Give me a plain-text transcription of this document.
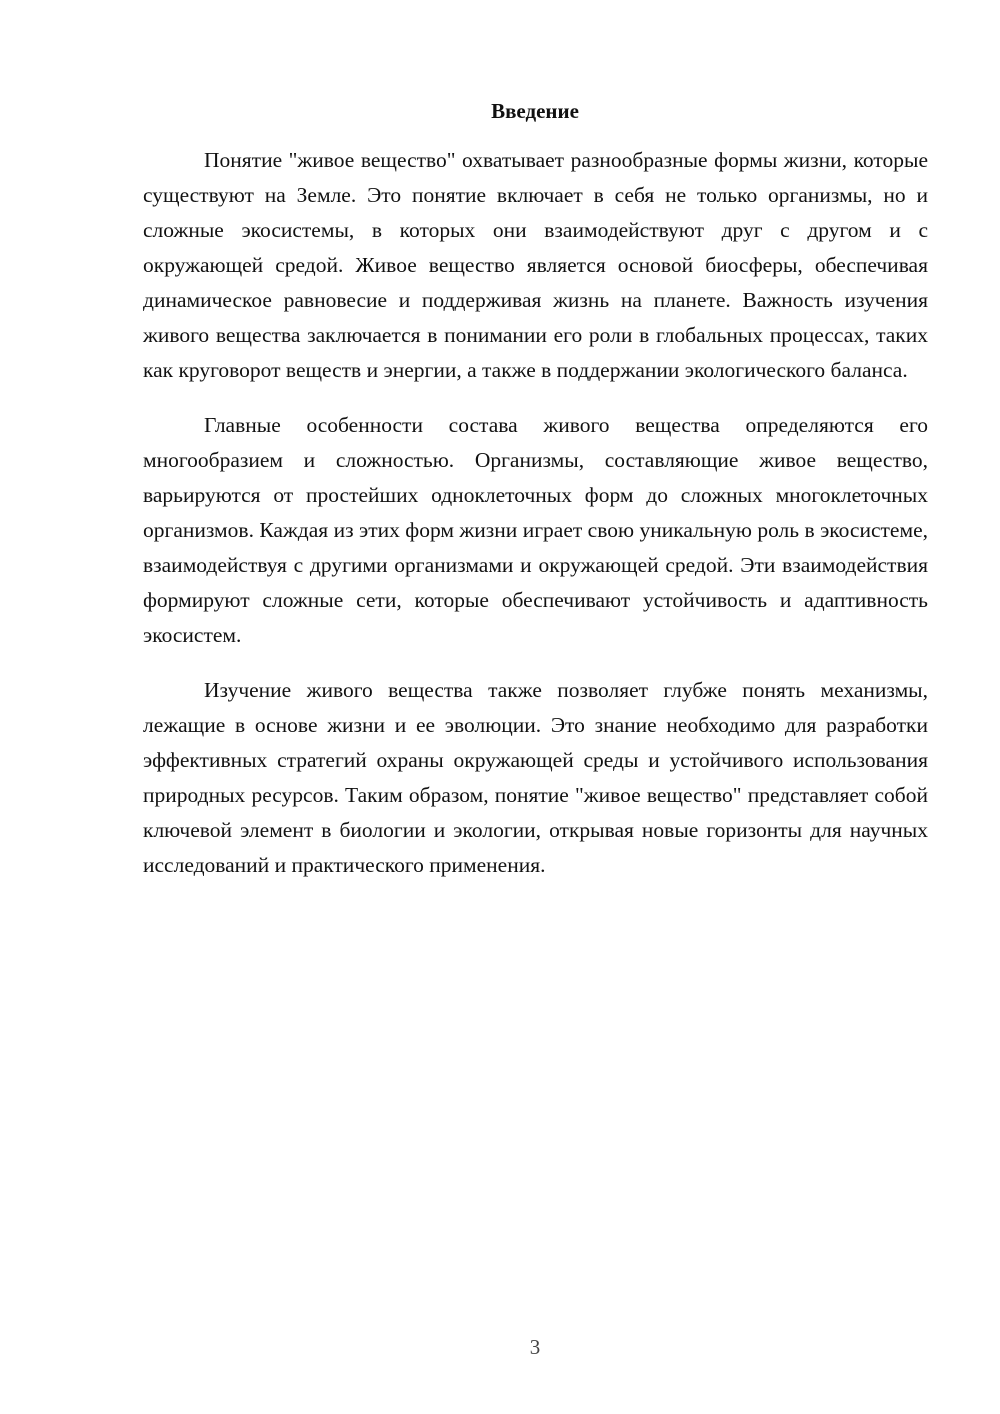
Введение

Понятие "живое вещество" охватывает разнообразные формы жизни, которые существуют на Земле. Это понятие включает в себя не только организмы, но и сложные экосистемы, в которых они взаимодействуют друг с другом и с окружающей средой. Живое вещество является основой биосферы, обеспечивая динамическое равновесие и поддерживая жизнь на планете. Важность изучения живого вещества заключается в понимании его роли в глобальных процессах, таких как круговорот веществ и энергии, а также в поддержании экологического баланса.

Главные особенности состава живого вещества определяются его многообразием и сложностью. Организмы, составляющие живое вещество, варьируются от простейших одноклеточных форм до сложных многоклеточных организмов. Каждая из этих форм жизни играет свою уникальную роль в экосистеме, взаимодействуя с другими организмами и окружающей средой. Эти взаимодействия формируют сложные сети, которые обеспечивают устойчивость и адаптивность экосистем.

Изучение живого вещества также позволяет глубже понять механизмы, лежащие в основе жизни и ее эволюции. Это знание необходимо для разработки эффективных стратегий охраны окружающей среды и устойчивого использования природных ресурсов. Таким образом, понятие "живое вещество" представляет собой ключевой элемент в биологии и экологии, открывая новые горизонты для научных исследований и практического применения.

3
